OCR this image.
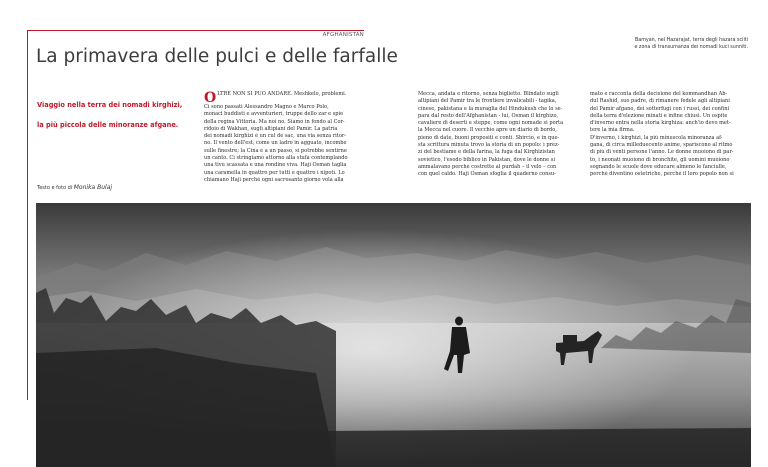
AFGHANISTAN
La primavera delle pulci e delle farfalle
Viaggio nella terra dei nomadi kirghizi,
la più piccola delle minoranze afgane.
Testo e foto di Monika Bulaj
Bamyan, nel Hazarajat, terra degli hazara sciiti
e zona di transumanza dei nomadi kuci sunniti.
OLTRE NON SI PUÒ ANDARE. Meshkelo, problemi.
Ci sono passati Alessandro Magno e Marco Polo,
monaci buddisti e avventurieri, truppe dello zar e spie
della regina Vittoria. Ma noi no. Siamo in fondo al Cor-
ridoio di Wakhan, sugli altipiani del Pamir. La patria
dei nomadi kirghizi è un cul de sac, una via senza ritor-
no. Il vento dell'est, come un ladro in agguato, incombe
sulle finestre; la Cina è a un passo, si potrebbe sentirne
un canto. Ci stringiamo attorno alla stufa contemplando
una tivù scassata e una rondine viva. Haji Osman taglia
una caramella in quattro per tutti e quattro i nipoti. Lo
chiamano Haji perché ogni sacrosanto giorno vola alla
Mecca, andata e ritorno, senza biglietto. Blindato sugli
altipiani del Pamir tra le frontiere invalicabili - tagika,
cinese, pakistana e la muraglia del Hindukush che lo se-
para dal resto dell'Afghanistan - lui, Osman il kirghizo,
cavaliere di deserti e steppe, come ogni nomade si porta
la Mecca nel cuore. Il vecchio apre un diario di bordo,
pieno di date, buoni propositi e conti. Sbircio, e in que-
sta scrittura minuta trovo la storia di un popolo: i prez-
zi del bestiame e della farina, la fuga dal Kirghizistan
sovietico, l'esodo biblico in Pakistan, dove le donne si
ammalavano perché costrette al purdah – il velo – con
con quel caldo. Haji Osman sfoglia il quaderno consu-
mato e racconta della decisione del kommandhan Ab-
dul Rashid, suo padre, di rimanere fedele agli altipiani
del Pamir afgano, dei sotterfugi con i russi, dei confini
della terra d'elezione minati e infine chiusi. Un ospite
d'inverno entra nella storia kirghiza: anch'io devo met-
tere la mia firma.
D'inverno, i kirghizi, la più minuscola minoranza af-
gana, di circa milleduecento anime, spariscono al ritmo
di più di venti persone l'anno. Le donne muoiono di par-
to, i neonati muoiono di bronchite, gli uomini muoiono
sognando le scuole dove educare almeno le fanciulle,
perché diventino ostetriche, perché il loro popolo non si
